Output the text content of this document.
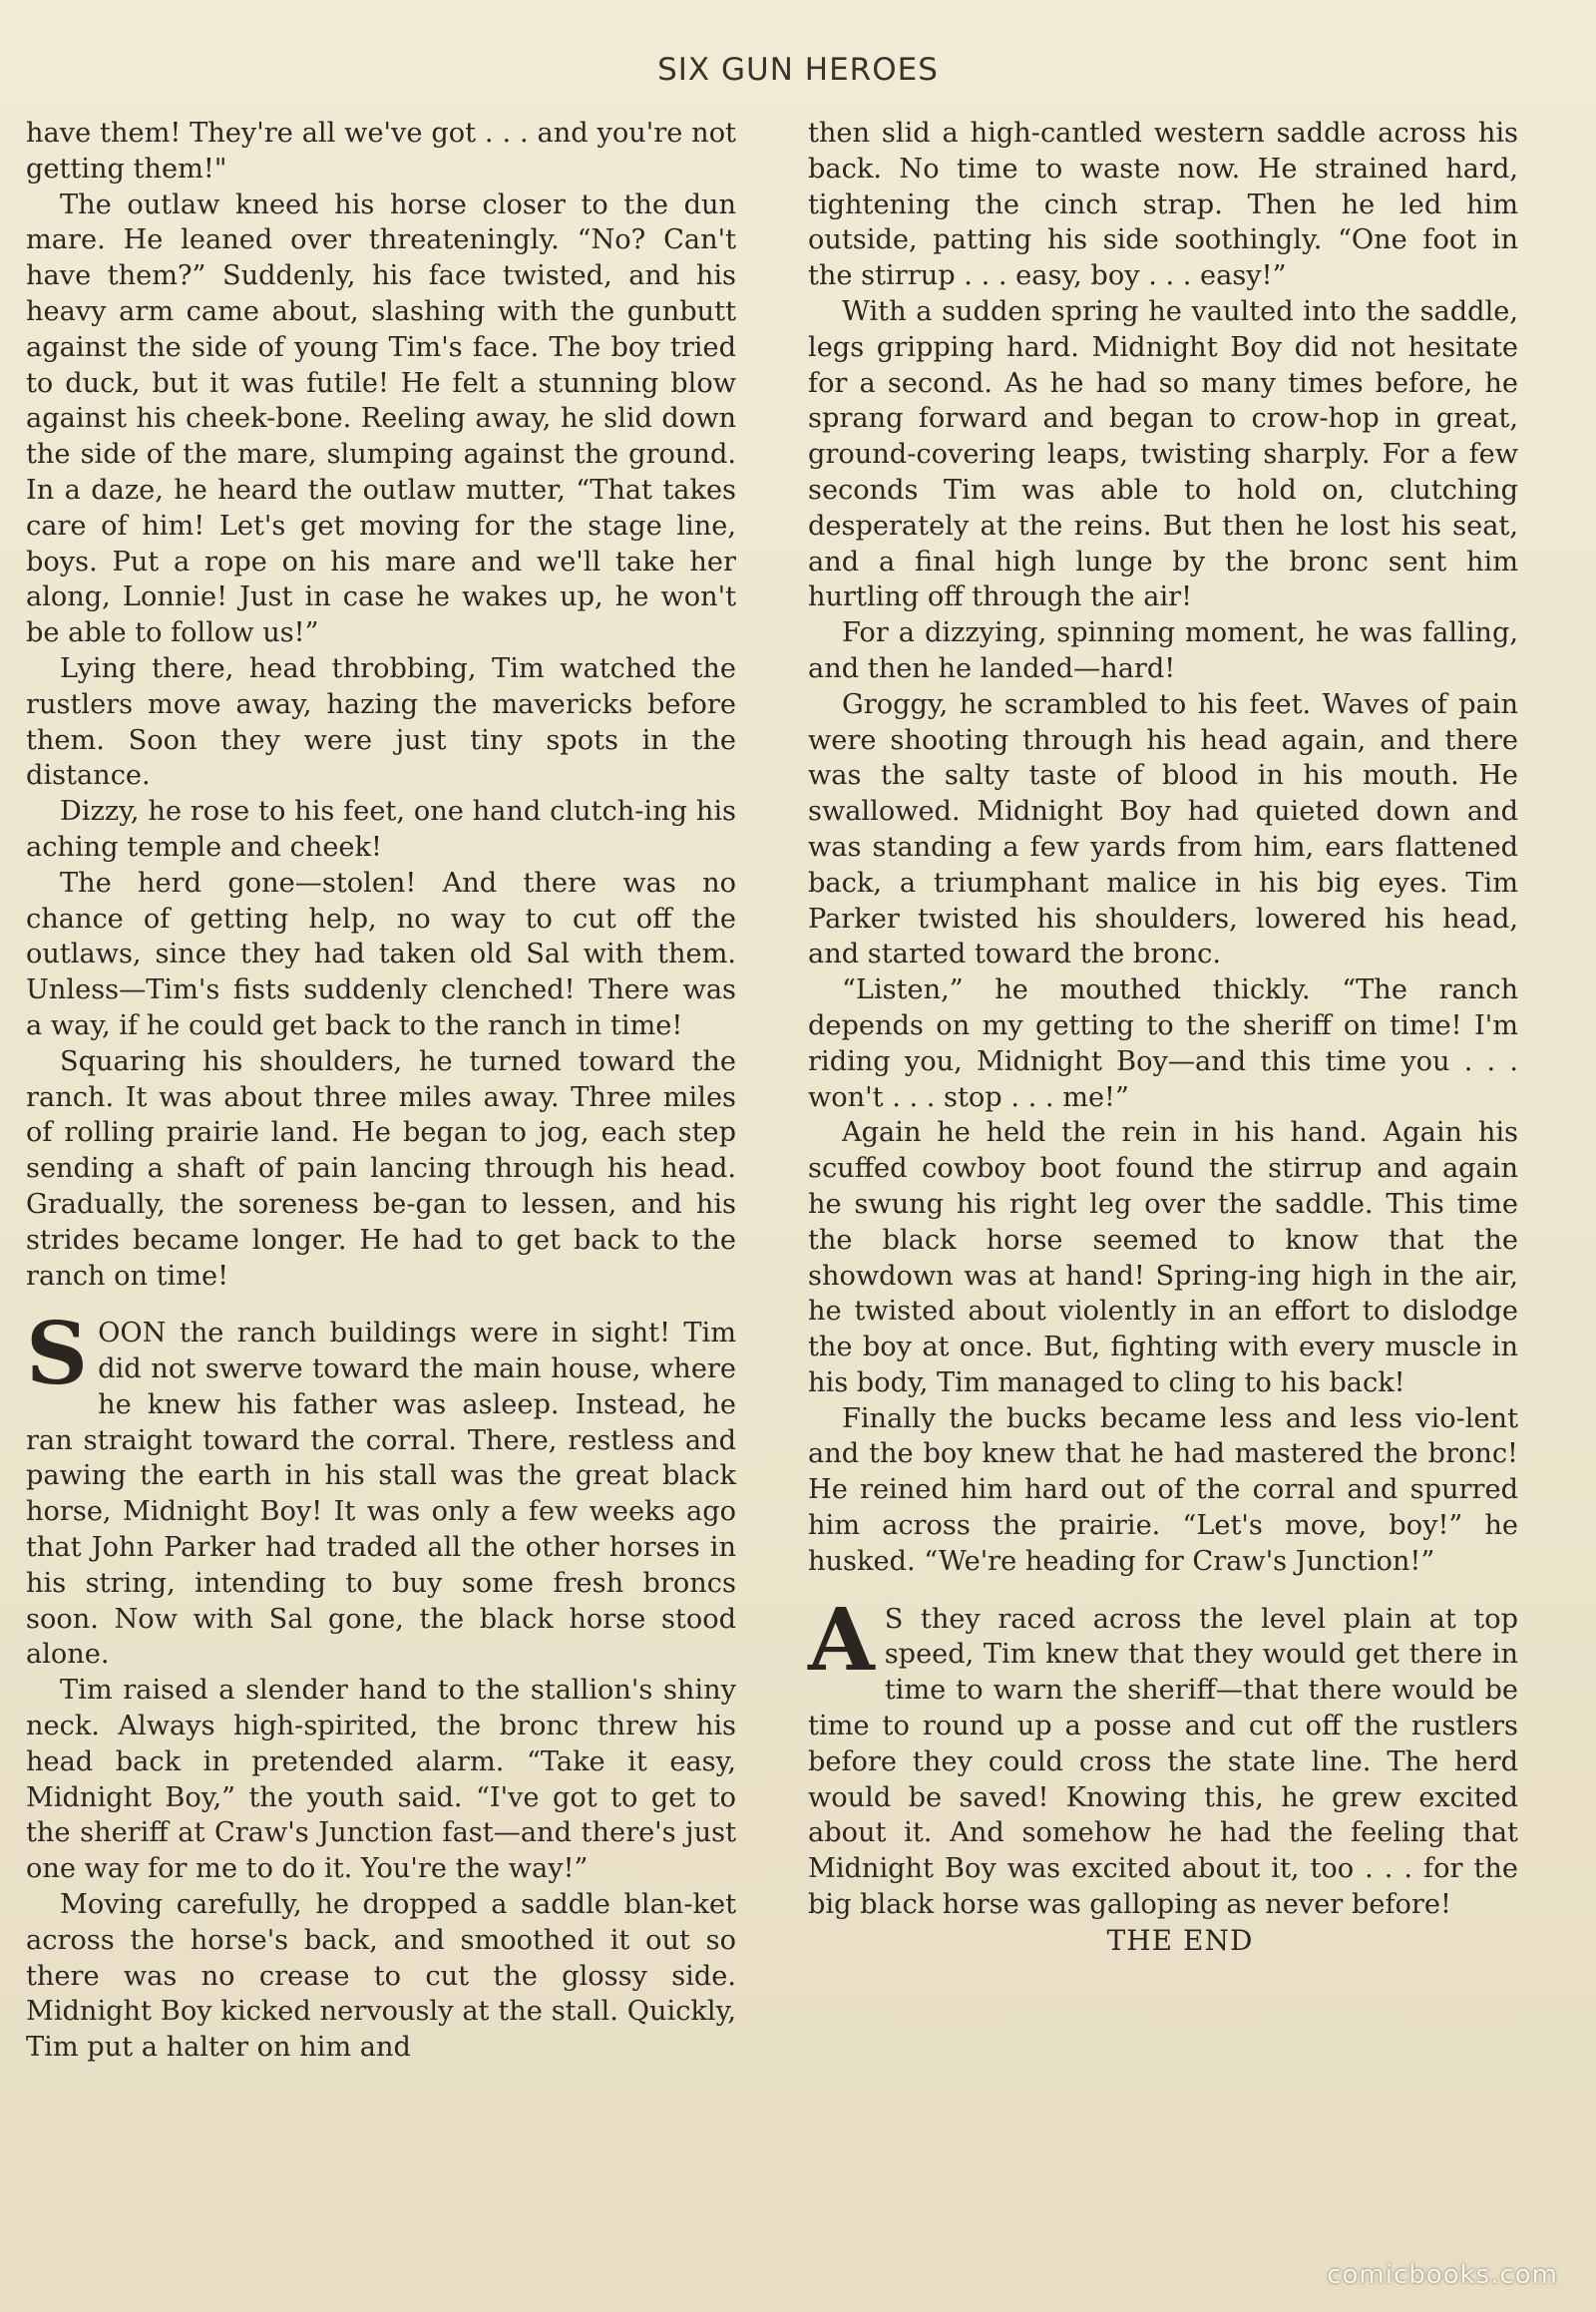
SIX GUN HEROES

have them! They're all we've got . . . and you're not getting them!"

The outlaw kneed his horse closer to the dun mare. He leaned over threateningly. “No? Can't have them?” Suddenly, his face twisted, and his heavy arm came about, slashing with the gunbutt against the side of young Tim's face. The boy tried to duck, but it was futile! He felt a stunning blow against his cheek-bone. Reeling away, he slid down the side of the mare, slumping against the ground. In a daze, he heard the outlaw mutter, “That takes care of him! Let's get moving for the stage line, boys. Put a rope on his mare and we'll take her along, Lonnie! Just in case he wakes up, he won't be able to follow us!”

Lying there, head throbbing, Tim watched the rustlers move away, hazing the mavericks before them. Soon they were just tiny spots in the distance.

Dizzy, he rose to his feet, one hand clutch-ing his aching temple and cheek!

The herd gone—stolen! And there was no chance of getting help, no way to cut off the outlaws, since they had taken old Sal with them. Unless—Tim's fists suddenly clenched! There was a way, if he could get back to the ranch in time!

Squaring his shoulders, he turned toward the ranch. It was about three miles away. Three miles of rolling prairie land. He began to jog, each step sending a shaft of pain lancing through his head. Gradually, the soreness be-gan to lessen, and his strides became longer. He had to get back to the ranch on time!

SOON the ranch buildings were in sight! Tim did not swerve toward the main house, where he knew his father was asleep. Instead, he ran straight toward the corral. There, restless and pawing the earth in his stall was the great black horse, Midnight Boy! It was only a few weeks ago that John Parker had traded all the other horses in his string, intending to buy some fresh broncs soon. Now with Sal gone, the black horse stood alone.

Tim raised a slender hand to the stallion's shiny neck. Always high-spirited, the bronc threw his head back in pretended alarm. “Take it easy, Midnight Boy,” the youth said. “I've got to get to the sheriff at Craw's Junction fast—and there's just one way for me to do it. You're the way!”

Moving carefully, he dropped a saddle blan-ket across the horse's back, and smoothed it out so there was no crease to cut the glossy side. Midnight Boy kicked nervously at the stall. Quickly, Tim put a halter on him and

then slid a high-cantled western saddle across his back. No time to waste now. He strained hard, tightening the cinch strap. Then he led him outside, patting his side soothingly. “One foot in the stirrup . . . easy, boy . . . easy!”

With a sudden spring he vaulted into the saddle, legs gripping hard. Midnight Boy did not hesitate for a second. As he had so many times before, he sprang forward and began to crow-hop in great, ground-covering leaps, twisting sharply. For a few seconds Tim was able to hold on, clutching desperately at the reins. But then he lost his seat, and a final high lunge by the bronc sent him hurtling off through the air!

For a dizzying, spinning moment, he was falling, and then he landed—hard!

Groggy, he scrambled to his feet. Waves of pain were shooting through his head again, and there was the salty taste of blood in his mouth. He swallowed. Midnight Boy had quieted down and was standing a few yards from him, ears flattened back, a triumphant malice in his big eyes. Tim Parker twisted his shoulders, lowered his head, and started toward the bronc.

“Listen,” he mouthed thickly. “The ranch depends on my getting to the sheriff on time! I'm riding you, Midnight Boy—and this time you . . . won't . . . stop . . . me!”

Again he held the rein in his hand. Again his scuffed cowboy boot found the stirrup and again he swung his right leg over the saddle. This time the black horse seemed to know that the showdown was at hand! Spring-ing high in the air, he twisted about violently in an effort to dislodge the boy at once. But, fighting with every muscle in his body, Tim managed to cling to his back!

Finally the bucks became less and less vio-lent and the boy knew that he had mastered the bronc! He reined him hard out of the corral and spurred him across the prairie. “Let's move, boy!” he husked. “We're heading for Craw's Junction!”

A S they raced across the level plain at top speed, Tim knew that they would get there in time to warn the sheriff—that there would be time to round up a posse and cut off the rustlers before they could cross the state line. The herd would be saved! Knowing this, he grew excited about it. And somehow he had the feeling that Midnight Boy was excited about it, too . . . for the big black horse was galloping as never before!

THE END

comicbooks.com
